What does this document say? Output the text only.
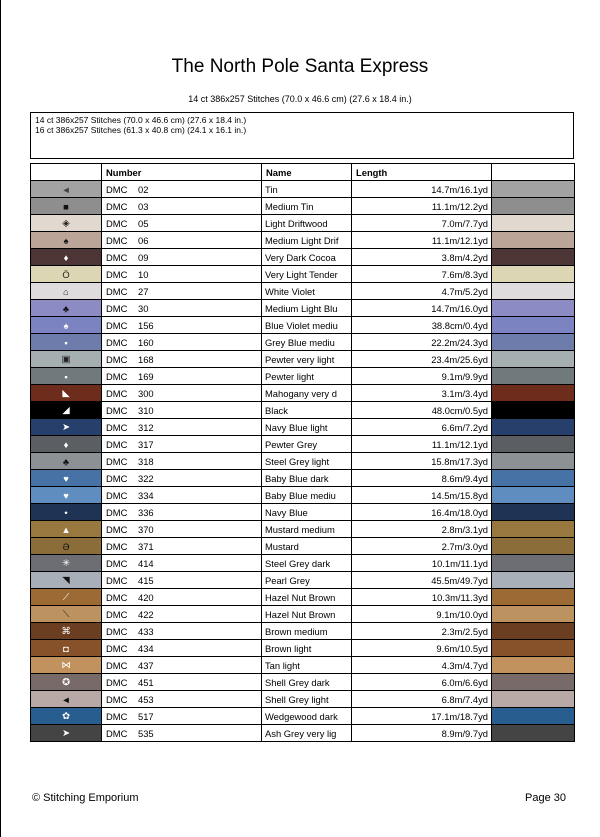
The North Pole Santa Express
14 ct 386x257 Stitches (70.0 x 46.6 cm) (27.6 x 18.4 in.)
14 ct 386x257 Stitches (70.0 x 46.6 cm) (27.6 x 18.4 in.)
16 ct 386x257 Stitches (61.3 x 40.8 cm) (24.1 x 16.1 in.)
	Number	Name	Length	
◄	DMC 02	Tin	14.7m/16.1yd	
■	DMC 03	Medium Tin	11.1m/12.2yd	
◈	DMC 05	Light Driftwood	7.0m/7.7yd	
♠	DMC 06	Medium Light Drif	11.1m/12.1yd	
♦	DMC 09	Very Dark Cocoa	3.8m/4.2yd	
Ö	DMC 10	Very Light Tender	7.6m/8.3yd	
⌂	DMC 27	White Violet	4.7m/5.2yd	
♣	DMC 30	Medium Light Blu	14.7m/16.0yd	
♠	DMC 156	Blue Violet mediu	38.8cm/0.4yd	
▪	DMC 160	Grey Blue mediu	22.2m/24.3yd	
▣	DMC 168	Pewter very light	23.4m/25.6yd	
▪	DMC 169	Pewter light	9.1m/9.9yd	
◣	DMC 300	Mahogany very d	3.1m/3.4yd	
◢	DMC 310	Black	48.0cm/0.5yd	
➤	DMC 312	Navy Blue light	6.6m/7.2yd	
♦	DMC 317	Pewter Grey	11.1m/12.1yd	
♣	DMC 318	Steel Grey light	15.8m/17.3yd	
♥	DMC 322	Baby Blue dark	8.6m/9.4yd	
♥	DMC 334	Baby Blue mediu	14.5m/15.8yd	
•	DMC 336	Navy Blue	16.4m/18.0yd	
▲	DMC 370	Mustard medium	2.8m/3.1yd	
Ə	DMC 371	Mustard	2.7m/3.0yd	
✳	DMC 414	Steel Grey dark	10.1m/11.1yd	
◥	DMC 415	Pearl Grey	45.5m/49.7yd	
⟋	DMC 420	Hazel Nut Brown	10.3m/11.3yd	
⟍	DMC 422	Hazel Nut Brown	9.1m/10.0yd	
⌘	DMC 433	Brown medium	2.3m/2.5yd	
◘	DMC 434	Brown light	9.6m/10.5yd	
⋈	DMC 437	Tan light	4.3m/4.7yd	
✪	DMC 451	Shell Grey dark	6.0m/6.6yd	
◄	DMC 453	Shell Grey light	6.8m/7.4yd	
✿	DMC 517	Wedgewood dark	17.1m/18.7yd	
➤	DMC 535	Ash Grey very lig	8.9m/9.7yd	
© Stitching Emporium	Page 30
